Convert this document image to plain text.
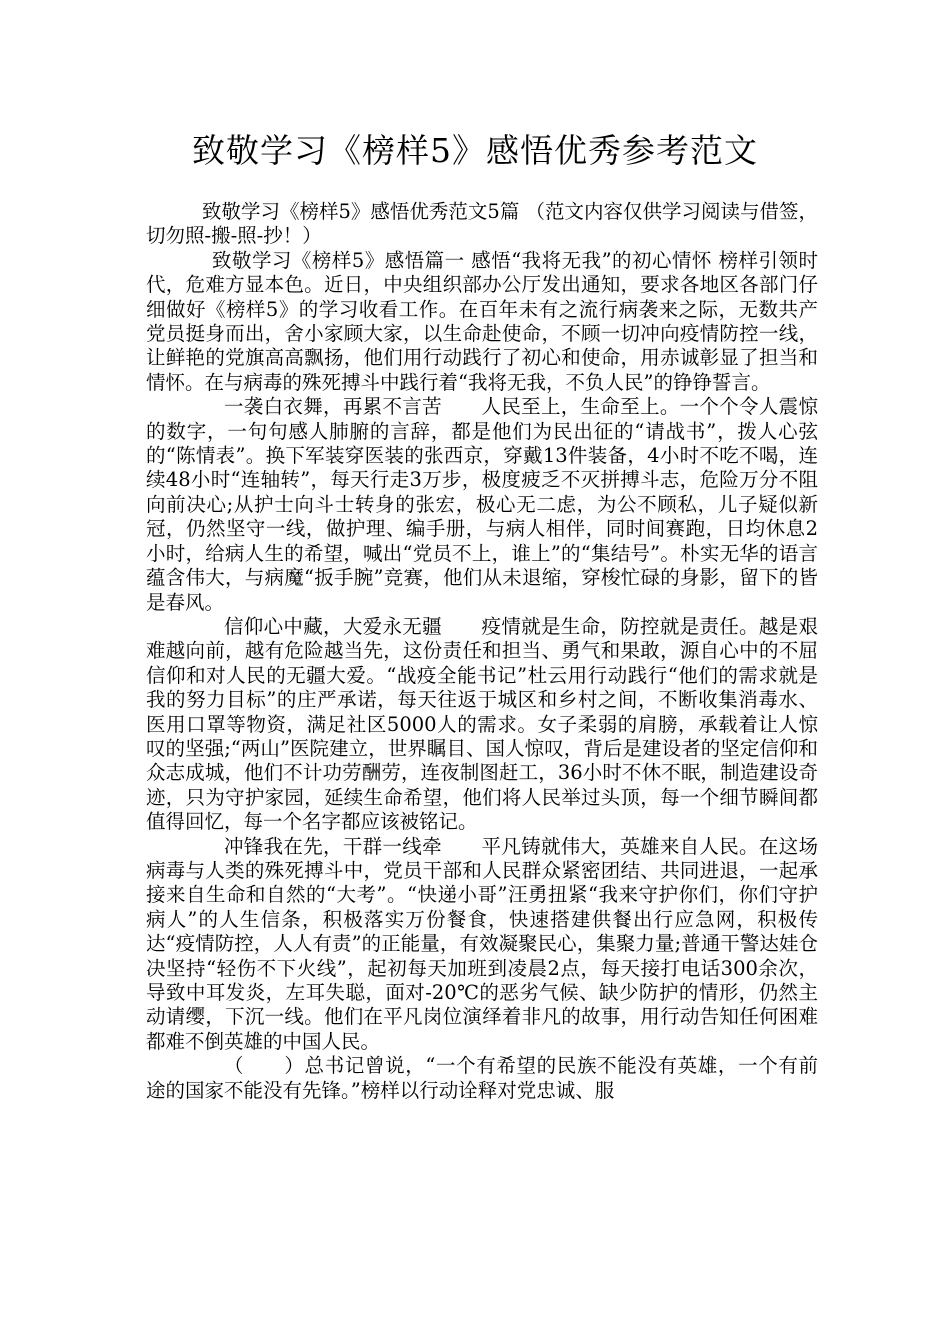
致敬学习《榜样5》感悟优秀参考范文

致敬学习《榜样5》感悟优秀范文5篇 （范文内容仅供学习阅读与借签，切勿照-搬-照-抄！）

致敬学习《榜样5》感悟篇一 感悟“我将无我”的初心情怀 榜样引领时代，危难方显本色。近日，中央组织部办公厅发出通知，要求各地区各部门仔细做好《榜样5》的学习收看工作。在百年未有之流行病袭来之际，无数共产党员挺身而出，舍小家顾大家，以生命赴使命，不顾一切冲向疫情防控一线，让鲜艳的党旗高高飘扬，他们用行动践行了初心和使命，用赤诚彰显了担当和情怀。在与病毒的殊死搏斗中践行着“我将无我，不负人民”的铮铮誓言。

一袭白衣舞，再累不言苦　　人民至上，生命至上。一个个令人震惊的数字，一句句感人肺腑的言辞，都是他们为民出征的“请战书”，拨人心弦的“陈情表”。换下军装穿医装的张西京，穿戴13件装备，4小时不吃不喝，连续48小时“连轴转”，每天行走3万步，极度疲乏不灭拼搏斗志，危险万分不阻向前决心;从护士向斗士转身的张宏，极心无二虑，为公不顾私，儿子疑似新冠，仍然坚守一线，做护理、编手册，与病人相伴，同时间赛跑，日均休息2小时，给病人生的希望，喊出“党员不上，谁上”的“集结号”。朴实无华的语言蕴含伟大，与病魔“扳手腕”竞赛，他们从未退缩，穿梭忙碌的身影，留下的皆是春风。

信仰心中藏，大爱永无疆　　疫情就是生命，防控就是责任。越是艰难越向前，越有危险越当先，这份责任和担当、勇气和果敢，源自心中的不屈信仰和对人民的无疆大爱。“战疫全能书记”杜云用行动践行“他们的需求就是我的努力目标”的庄严承诺，每天往返于城区和乡村之间，不断收集消毒水、医用口罩等物资，满足社区5000人的需求。女子柔弱的肩膀，承载着让人惊叹的坚强;“两山”医院建立，世界瞩目、国人惊叹，背后是建设者的坚定信仰和众志成城，他们不计功劳酬劳，连夜制图赶工，36小时不休不眠，制造建设奇迹，只为守护家园，延续生命希望，他们将人民举过头顶，每一个细节瞬间都值得回忆，每一个名字都应该被铭记。

冲锋我在先，干群一线牵　　平凡铸就伟大，英雄来自人民。在这场病毒与人类的殊死搏斗中，党员干部和人民群众紧密团结、共同进退，一起承接来自生命和自然的“大考”。“快递小哥”汪勇扭紧“我来守护你们，你们守护病人”的人生信条，积极落实万份餐食，快速搭建供餐出行应急网，积极传达“疫情防控，人人有责”的正能量，有效凝聚民心，集聚力量;普通干警达娃仓决坚持“轻伤不下火线”，起初每天加班到凌晨2点，每天接打电话300余次，导致中耳发炎，左耳失聪，面对-20℃的恶劣气候、缺少防护的情形，仍然主动请缨，下沉一线。他们在平凡岗位演绎着非凡的故事，用行动告知任何困难都难不倒英雄的中国人民。

（　　）总书记曾说，“一个有希望的民族不能没有英雄，一个有前途的国家不能没有先锋。”榜样以行动诠释对党忠诚、服
